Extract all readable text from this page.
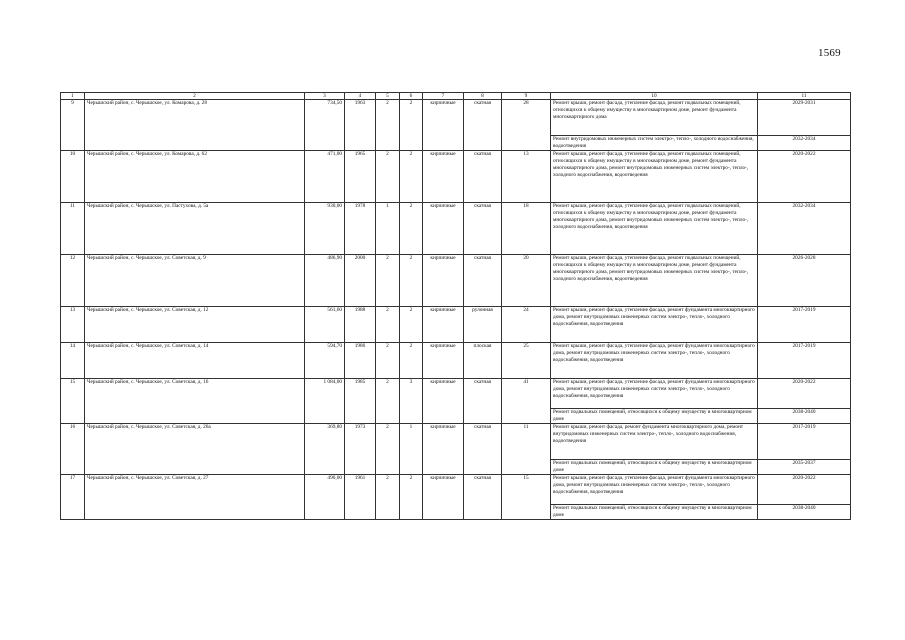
1569
1	2	3	4	5	6	7	8	9	10	11
9	Черышский район, с. Черышское, ул. Комарова, д. 28	734,50	1963	2	2	кирпичные	скатная	28	Ремонт крыши, ремонт фасада, утепление фасада, ремонт подвальных помещений, относящихся к общему имуществу в многоквартирном доме, ремонт фундамента многоквартирного дома	2029-2031
									Ремонт внутридомовых инженерных систем электро-, тепло-, холодного водоснабжения, водоотведения	2032-2034
10	Черышский район, с. Черышское, ул. Комарова, д. 62	471,00	1965	2	2	кирпичные	скатная	13	Ремонт крыши, ремонт фасада, утепление фасада, ремонт подвальных помещений, относящихся к общему имуществу в многоквартирном доме, ремонт фундамента многоквартирного дома, ремонт внутридомовых инженерных систем электро-, тепло-, холодного водоснабжения, водоотведения	2020-2022
11	Черышский район, с. Черышское, ул. Пастухова, д. 5а	930,00	1978	1	2	кирпичные	скатная	18	Ремонт крыши, ремонт фасада, утепление фасада, ремонт подвальных помещений, относящихся к общему имуществу в многоквартирном доме, ремонт фундамента многоквартирного дома, ремонт внутридомовых инженерных систем электро-, тепло-, холодного водоснабжения, водоотведения	2032-2034
12	Черышский район, с. Черышское, ул. Советская, д. 9	486,90	2000	2	2	кирпичные	скатная	20	Ремонт крыши, ремонт фасада, утепление фасада, ремонт подвальных помещений, относящихся к общему имуществу в многоквартирном доме, ремонт фундамента многоквартирного дома, ремонт внутридомовых инженерных систем электро-, тепло-, холодного водоснабжения, водоотведения	2026-2028
13	Черышский район, с. Черышское, ул. Советская, д. 12	561,60	1988	2	2	кирпичные	рулонная	24	Ремонт крыши, ремонт фасада, утепление фасада, ремонт фундамента многоквартирного дома, ремонт внутридомовых инженерных систем электро-, тепло-, холодного водоснабжения, водоотведения	2017-2019
14	Черышский район, с. Черышское, ул. Советская, д. 14	594,70	1986	2	2	кирпичные	плоская	25	Ремонт крыши, ремонт фасада, утепление фасада, ремонт фундамента многоквартирного дома, ремонт внутридомовых инженерных систем электро-, тепло-, холодного водоснабжения, водоотведения	2017-2019
15	Черышский район, с. Черышское, ул. Советская, д. 16	1 084,00	1985	2	3	кирпичные	скатная	41	Ремонт крыши, ремонт фасада, утепление фасада, ремонт фундамента многоквартирного дома, ремонт внутридомовых инженерных систем электро-, тепло-, холодного водоснабжения, водоотведения	2020-2022
									Ремонт подвальных помещений, относящихся к общему имуществу в многоквартирном доме	2038-2040
16	Черышский район, с. Черышское, ул. Советская, д. 26а	369,80	1973	2	1	кирпичные	скатная	11	Ремонт крыши, ремонт фасада, ремонт фундамента многоквартирного дома, ремонт внутридомовых инженерных систем электро-, тепло-, холодного водоснабжения, водоотведения	2017-2019
									Ремонт подвальных помещений, относящихся к общему имуществу в многоквартирном доме	2035-2037
17	Черышский район, с. Черышское, ул. Советская, д. 27	490,00	1961	2	2	кирпичные	скатная	15	Ремонт крыши, ремонт фасада, утепление фасада, ремонт фундамента многоквартирного дома, ремонт внутридомовых инженерных систем электро-, тепло-, холодного водоснабжения, водоотведения	2020-2022
									Ремонт подвальных помещений, относящихся к общему имуществу в многоквартирном доме	2038-2040
